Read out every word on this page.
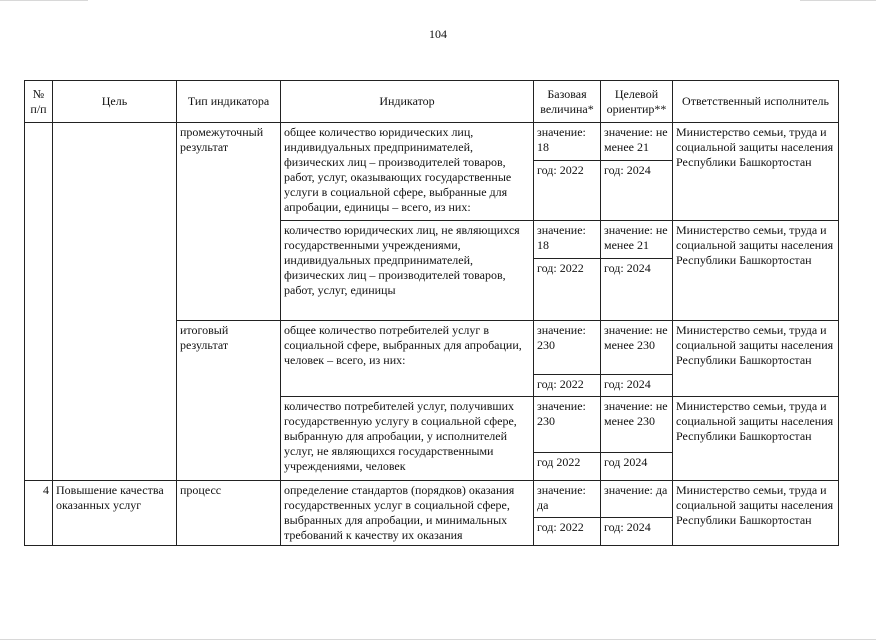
104
№ п/п	Цель	Тип индикатора	Индикатор	Базовая величина*	Целевой ориентир**	Ответственный исполнитель
		промежуточный результат	общее количество юридических лиц, индивидуальных предпринимателей, физических лиц – производителей товаров, работ, услуг, оказывающих государственные услуги в социальной сфере, выбранные для апробации, единицы – всего, из них:	значение: 18	значение: не менее 21	Министерство семьи, труда и социальной защиты населения Республики Башкортостан
				год: 2022	год: 2024	
			количество юридических лиц, не являющихся государственными учреждениями, индивидуальных предпринимателей, физических лиц – производителей товаров, работ, услуг, единицы	значение: 18	значение: не менее 21	Министерство семьи, труда и социальной защиты населения Республики Башкортостан
				год: 2022	год: 2024	
		итоговый результат	общее количество потребителей услуг в социальной сфере, выбранных для апробации, человек – всего, из них:	значение: 230	значение: не менее 230	Министерство семьи, труда и социальной защиты населения Республики Башкортостан
				год: 2022	год: 2024	
			количество потребителей услуг, получивших государственную услугу в социальной сфере, выбранную для апробации, у исполнителей услуг, не являющихся государственными учреждениями, человек	значение: 230	значение: не менее 230	Министерство семьи, труда и социальной защиты населения Республики Башкортостан
				год 2022	год 2024	
4	Повышение качества оказанных услуг	процесс	определение стандартов (порядков) оказания государственных услуг в социальной сфере, выбранных для апробации, и минимальных требований к качеству их оказания	значение: да	значение: да	Министерство семьи, труда и социальной защиты населения Республики Башкортостан
				год: 2022	год: 2024	
